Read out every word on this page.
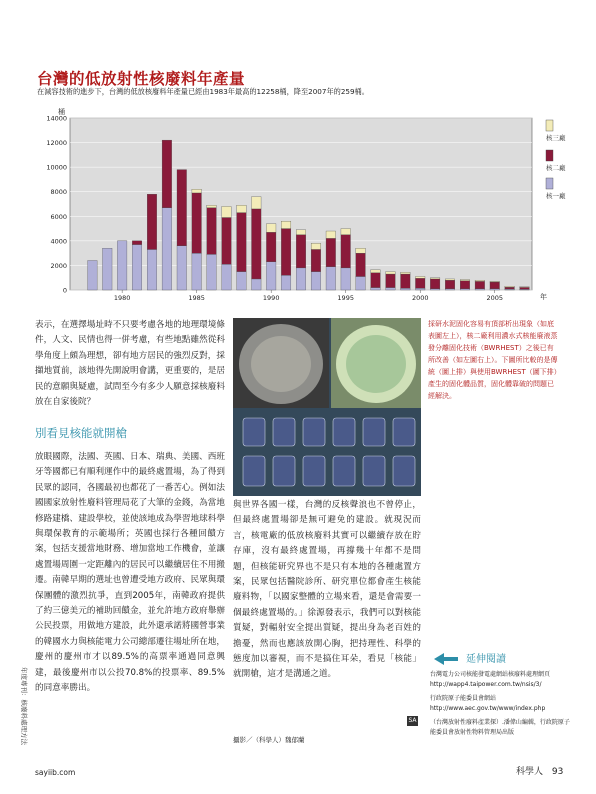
台灣的低放射性核廢料年產量
在減容技術的進步下，台灣的低放核廢料年產量已經由1983年最高的12258桶，降至2007年的259桶。
0
2000
4000
6000
8000
10000
12000
14000
桶
年
1980	1985	1990	1995	2000	2005
核三廠
核二廠
核一廠
表示，在選擇場址時不只要考慮各地的地理環境條件，人文、民情也得一併考慮，有些地點雖然從科學角度上頗為理想，卻有地方居民的強烈反對，採擷地質前，該地得先開說明會講，更重要的，是居民的意願與疑慮，試問至今有多少人願意採核廢料放在自家後院？
別看見核能就開槍
放眼國際，法國、英國、日本、瑞典、美國、西班牙等國都已有順利運作中的最終處置場，為了得到民眾的認同，各國最初也都花了一番苦心。例如法國國家放射性廢料管理局花了大筆的金錢，為當地修路建橋、建設學校，並使該地成為學習地球科學與環保教育的示範場所；英國也採行各種回饋方案，包括支援當地財務、增加當地工作機會，並讓處置場周圍一定距離內的居民可以繼續居住不用搬遷。南韓早期的選址也曾遭受地方政府、民眾與環保團體的激烈抗爭，直到2005年，南韓政府提供了約三億美元的補助回饋金，並允許地方政府舉辦公民投票，用做地方建設，此外還承諾將國營事業的韓國水力與核能電力公司總部遷往場址所在地，慶州的慶州市才以89.5%的高票率通過同意興建，最後慶州市以公投70.8%的投票率、89.5%的同意率勝出。
採研水泥固化容易有頂部析出現象（如底表圖左上），核二廠利用濃水式核能廢液蒸發分離固化技術（BWRHEST）之後已有所改善（如左圖右上）。下圖所比較的是傳統（圖上排）與使用BWRHEST（圖下排）產生的固化體品質，固化體靠破的問題已經解決。
與世界各國一樣，台灣的反核聲浪也不曾停止，但最終處置場卻是無可避免的建設。就現況而言，核電廠的低放核廢料其實可以繼續存放在貯存庫，沒有最終處置場，再撐幾十年都不是問題，但核能研究界也不是只有本地的各種處置方案，民眾包括醫院診所、研究單位都會產生核能廢料物，「以國家整體的立場來看，還是會需要一個最終處置場的。」徐源發表示，我們可以對核能質疑，對輻射安全提出質疑，提出身為老百姓的擔憂，然而也應該放開心胸，把持理性、科學的態度加以審視，而不是搞住耳朵，看見「核能」就開槍，這才是溝通之道。
SA
攝影／（科學人）魏郁蘭
延伸閱讀
台灣電力公司核能發電處網站核廢料處理網頁 http://wapp4.taipower.com.tw/nsis/3/
行政院原子能委員會網站 http://www.aec.gov.tw/www/index.php
（台灣放射性廢料產業探）.潘偉山編輯，行政院原子能委員會放射性物料管理局出版
年度專刊：核廢料處理方法
sayiib.com	科學人 93
